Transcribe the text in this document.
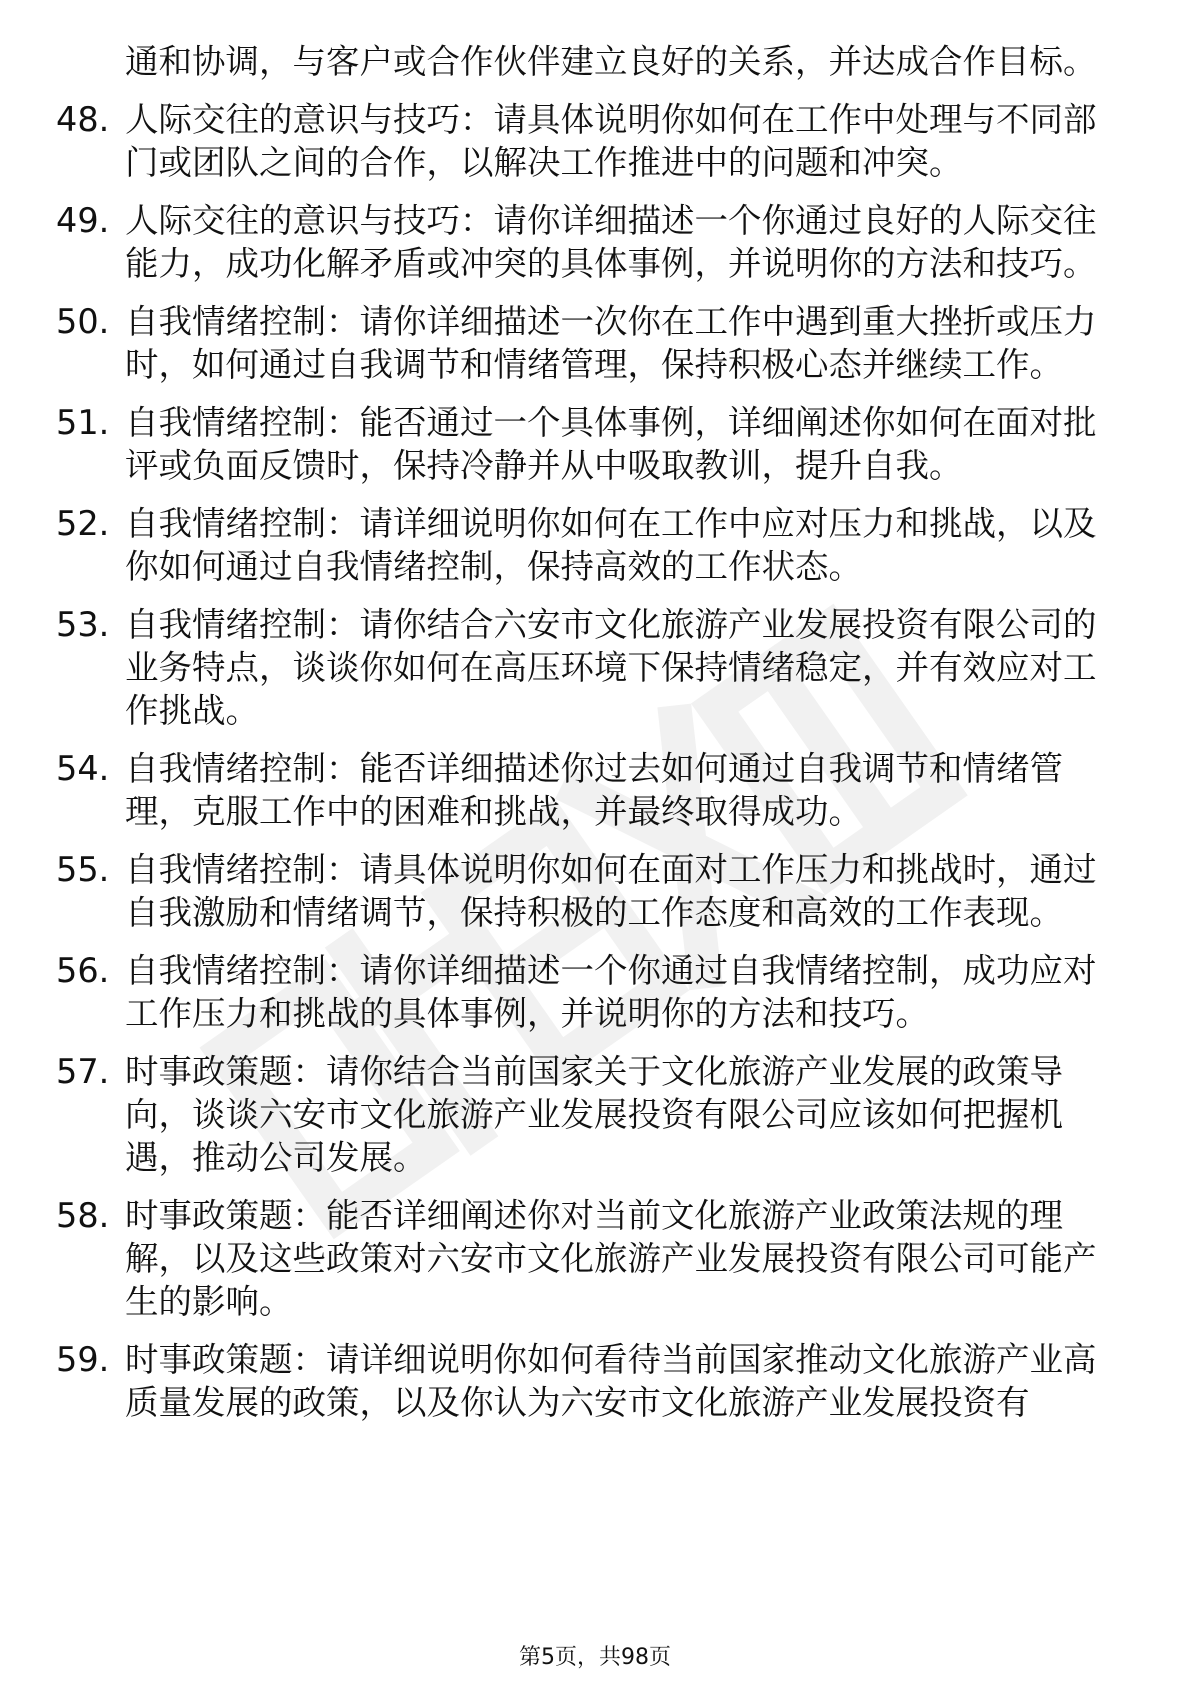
通和协调，与客户或合作伙伴建立良好的关系，并达成合作目标。
48. 人际交往的意识与技巧：请具体说明你如何在工作中处理与不同部门或团队之间的合作，以解决工作推进中的问题和冲突。
49. 人际交往的意识与技巧：请你详细描述一个你通过良好的人际交往能力，成功化解矛盾或冲突的具体事例，并说明你的方法和技巧。
50. 自我情绪控制：请你详细描述一次你在工作中遇到重大挫折或压力时，如何通过自我调节和情绪管理，保持积极心态并继续工作。
51. 自我情绪控制：能否通过一个具体事例，详细阐述你如何在面对批评或负面反馈时，保持冷静并从中吸取教训，提升自我。
52. 自我情绪控制：请详细说明你如何在工作中应对压力和挑战，以及你如何通过自我情绪控制，保持高效的工作状态。
53. 自我情绪控制：请你结合六安市文化旅游产业发展投资有限公司的业务特点，谈谈你如何在高压环境下保持情绪稳定，并有效应对工作挑战。
54. 自我情绪控制：能否详细描述你过去如何通过自我调节和情绪管理，克服工作中的困难和挑战，并最终取得成功。
55. 自我情绪控制：请具体说明你如何在面对工作压力和挑战时，通过自我激励和情绪调节，保持积极的工作态度和高效的工作表现。
56. 自我情绪控制：请你详细描述一个你通过自我情绪控制，成功应对工作压力和挑战的具体事例，并说明你的方法和技巧。
57. 时事政策题：请你结合当前国家关于文化旅游产业发展的政策导向，谈谈六安市文化旅游产业发展投资有限公司应该如何把握机遇，推动公司发展。
58. 时事政策题：能否详细阐述你对当前文化旅游产业政策法规的理解，以及这些政策对六安市文化旅游产业发展投资有限公司可能产生的影响。
59. 时事政策题：请详细说明你如何看待当前国家推动文化旅游产业高质量发展的政策，以及你认为六安市文化旅游产业发展投资有
第5页，共98页
